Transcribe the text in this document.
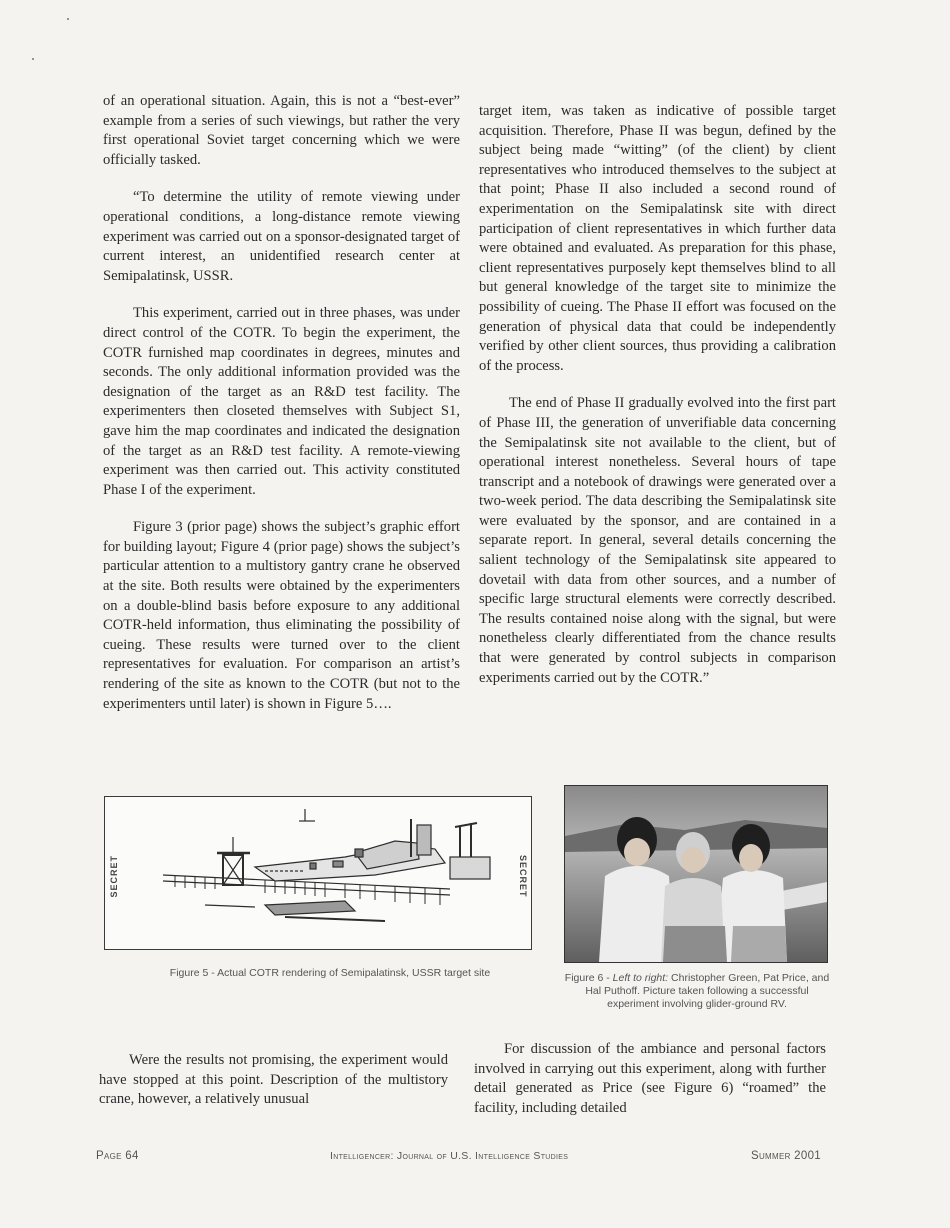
of an operational situation. Again, this is not a “best-ever” example from a series of such viewings, but rather the very first operational Soviet target concerning which we were officially tasked.

“To determine the utility of remote viewing under operational conditions, a long-distance remote viewing experiment was carried out on a sponsor-designated target of current interest, an unidentified research center at Semipalatinsk, USSR.

This experiment, carried out in three phases, was under direct control of the COTR. To begin the experiment, the COTR furnished map coordinates in degrees, minutes and seconds. The only additional information provided was the designation of the target as an R&D test facility. The experimenters then closeted themselves with Subject S1, gave him the map coordinates and indicated the designation of the target as an R&D test facility. A remote-viewing experiment was then carried out. This activity constituted Phase I of the experiment.

Figure 3 (prior page) shows the subject’s graphic effort for building layout; Figure 4 (prior page) shows the subject’s particular attention to a multistory gantry crane he observed at the site. Both results were obtained by the experimenters on a double-blind basis before exposure to any additional COTR-held information, thus eliminating the possibility of cueing. These results were turned over to the client representatives for evaluation. For comparison an artist’s rendering of the site as known to the COTR (but not to the experimenters until later) is shown in Figure 5….

target item, was taken as indicative of possible target acquisition. Therefore, Phase II was begun, defined by the subject being made “witting” (of the client) by client representatives who introduced themselves to the subject at that point; Phase II also included a second round of experimentation on the Semipalatinsk site with direct participation of client representatives in which further data were obtained and evaluated. As preparation for this phase, client representatives purposely kept themselves blind to all but general knowledge of the target site to minimize the possibility of cueing. The Phase II effort was focused on the generation of physical data that could be independently verified by other client sources, thus providing a calibration of the process.

The end of Phase II gradually evolved into the first part of Phase III, the generation of unverifiable data concerning the Semipalatinsk site not available to the client, but of operational interest nonetheless. Several hours of tape transcript and a notebook of drawings were generated over a two-week period. The data describing the Semipalatinsk site were evaluated by the sponsor, and are contained in a separate report. In general, several details concerning the salient technology of the Semipalatinsk site appeared to dovetail with data from other sources, and a number of specific large structural elements were correctly described. The results contained noise along with the signal, but were nonetheless clearly differentiated from the chance results that were generated by control subjects in comparison experiments carried out by the COTR.”

SECRET	SECRET
Figure 5 - Actual COTR rendering of Semipalatinsk, USSR target site	Figure 6 - Left to right: Christopher Green, Pat Price, and Hal Puthoff. Picture taken following a successful experiment involving glider-ground RV.

Were the results not promising, the experiment would have stopped at this point. Description of the multistory crane, however, a relatively unusual

For discussion of the ambiance and personal factors involved in carrying out this experiment, along with further detail generated as Price (see Figure 6) “roamed” the facility, including detailed

Page 64	Intelligencer: Journal of U.S. Intelligence Studies	Summer 2001
